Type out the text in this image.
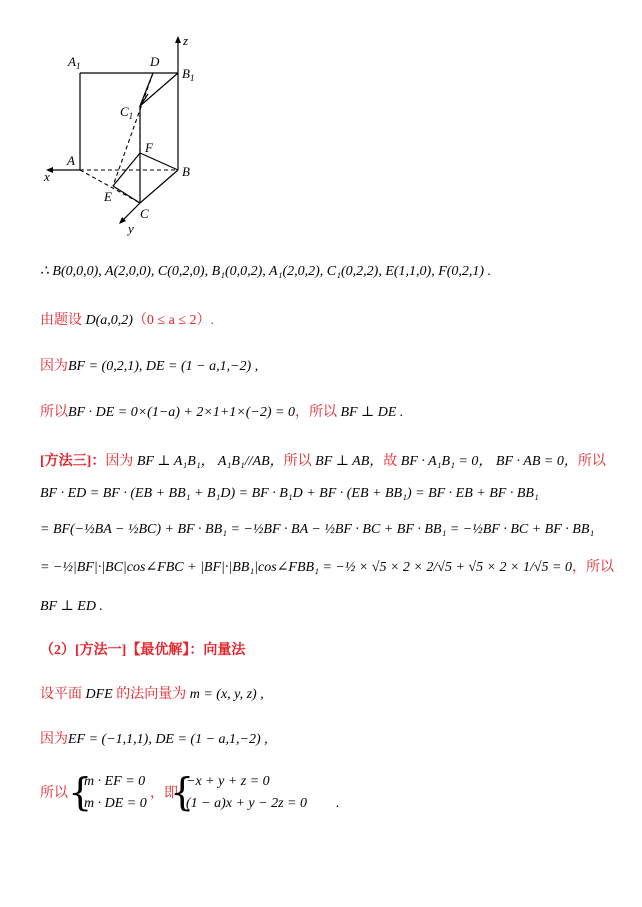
$A_1$	D
$B_1$
z
$C_1$
F
A
B
x
E
C
y
∴ B(0,0,0), A(2,0,0), C(0,2,0), B₁(0,0,2), A₁(2,0,2), C₁(0,2,2), E(1,1,0), F(0,2,1) .
由题设 D(a,0,2)（0 ≤ a ≤ 2）.
因为BF = (0,2,1), DE = (1 − a,1,−2) ,
所以BF · DE = 0×(1−a) + 2×1+1×(−2) = 0，所以 BF ⊥ DE .
[方法三]：因为 BF ⊥ A₁B₁， A₁B₁//AB，所以 BF ⊥ AB，故 BF · A₁B₁ = 0， BF · AB = 0，所以
BF · ED = BF · (EB + BB₁ + B₁D) = BF · B₁D + BF · (EB + BB₁) = BF · EB + BF · BB₁
= BF(−½BA − ½BC) + BF · BB₁ = −½BF · BA − ½BF · BC + BF · BB₁ = −½BF · BC + BF · BB₁
= −½|BF|·|BC|cos∠FBC + |BF|·|BB₁|cos∠FBB₁ = −½ × √5 × 2 × 2/√5 + √5 × 2 × 1/√5 = 0，所以
BF ⊥ ED .
（2）[方法一]【最优解】：向量法
设平面 DFE 的法向量为 m = (x, y, z) ,
因为EF = (−1,1,1), DE = (1 − a,1,−2) ,
所以 {
m · EF = 0
m · DE = 0
，即
{
−x + y + z = 0
(1 − a)x + y − 2z = 0 .
